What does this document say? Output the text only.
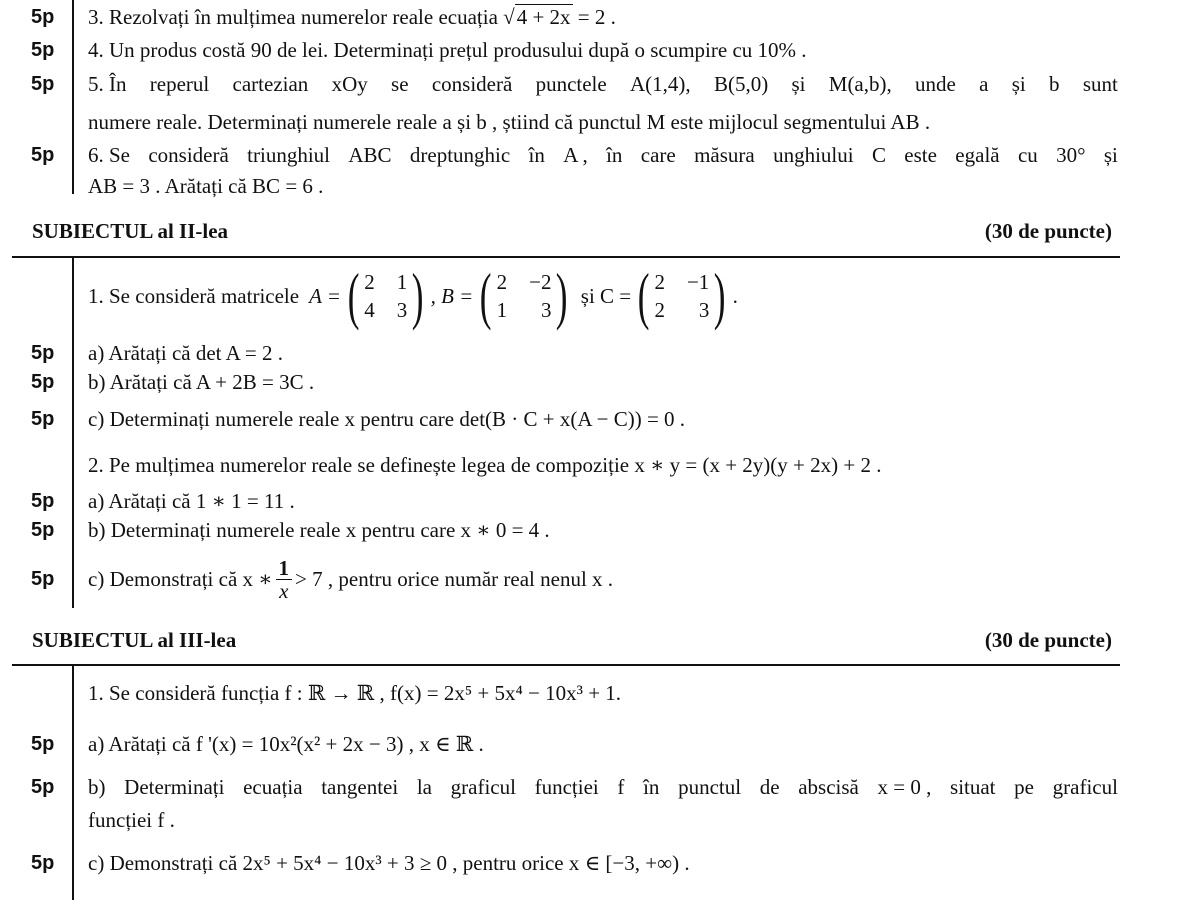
5p 3. Rezolvați în mulțimea numerelor reale ecuația √4 + 2x = 2 .
5p 4. Un produs costă 90 de lei. Determinați prețul produsului după o scumpire cu 10% .
5p 5. În reperul cartezian xOy se consideră punctele A(1,4), B(5,0) și M(a,b), unde a și b sunt
numere reale. Determinați numerele reale a și b , știind că punctul M este mijlocul segmentului AB .
5p 6. Se consideră triunghiul ABC dreptunghic în A , în care măsura unghiului C este egală cu 30° și
AB = 3 . Arătați că BC = 6 .
SUBIECTUL al II-lea	(30 de puncte)
1. Se consideră matricele A = ( 2 1
4 3 ) , B = ( 2 −2
1	3 ) și C = ( 2 −1
2	3 ) .
5p a) Arătați că det A = 2 .
5p b) Arătați că A + 2B = 3C .
5p c) Determinați numerele reale x pentru care det(B · C + x(A − C)) = 0 .
2. Pe mulțimea numerelor reale se definește legea de compoziție x ∗ y = (x + 2y)(y + 2x) + 2 .
5p a) Arătați că 1 ∗ 1 = 11 .
5p b) Determinați numerele reale x pentru care x ∗ 0 = 4 .
5p c) Demonstrați că x ∗ $\frac{1}{x} > 7$ , pentru orice număr real nenul x .
SUBIECTUL al III-lea	(30 de puncte)
1. Se consideră funcția f : ℝ → ℝ , f(x) = 2x⁵ + 5x⁴ − 10x³ + 1.
5p a) Arătați că f '(x) = 10x²(x² + 2x − 3) , x ∈ ℝ .
5p b) Determinați ecuația tangentei la graficul funcției f în punctul de abscisă x = 0 , situat pe graficul
funcției f .
5p c) Demonstrați că 2x⁵ + 5x⁴ − 10x³ + 3 ≥ 0 , pentru orice x ∈ [−3, +∞) .
